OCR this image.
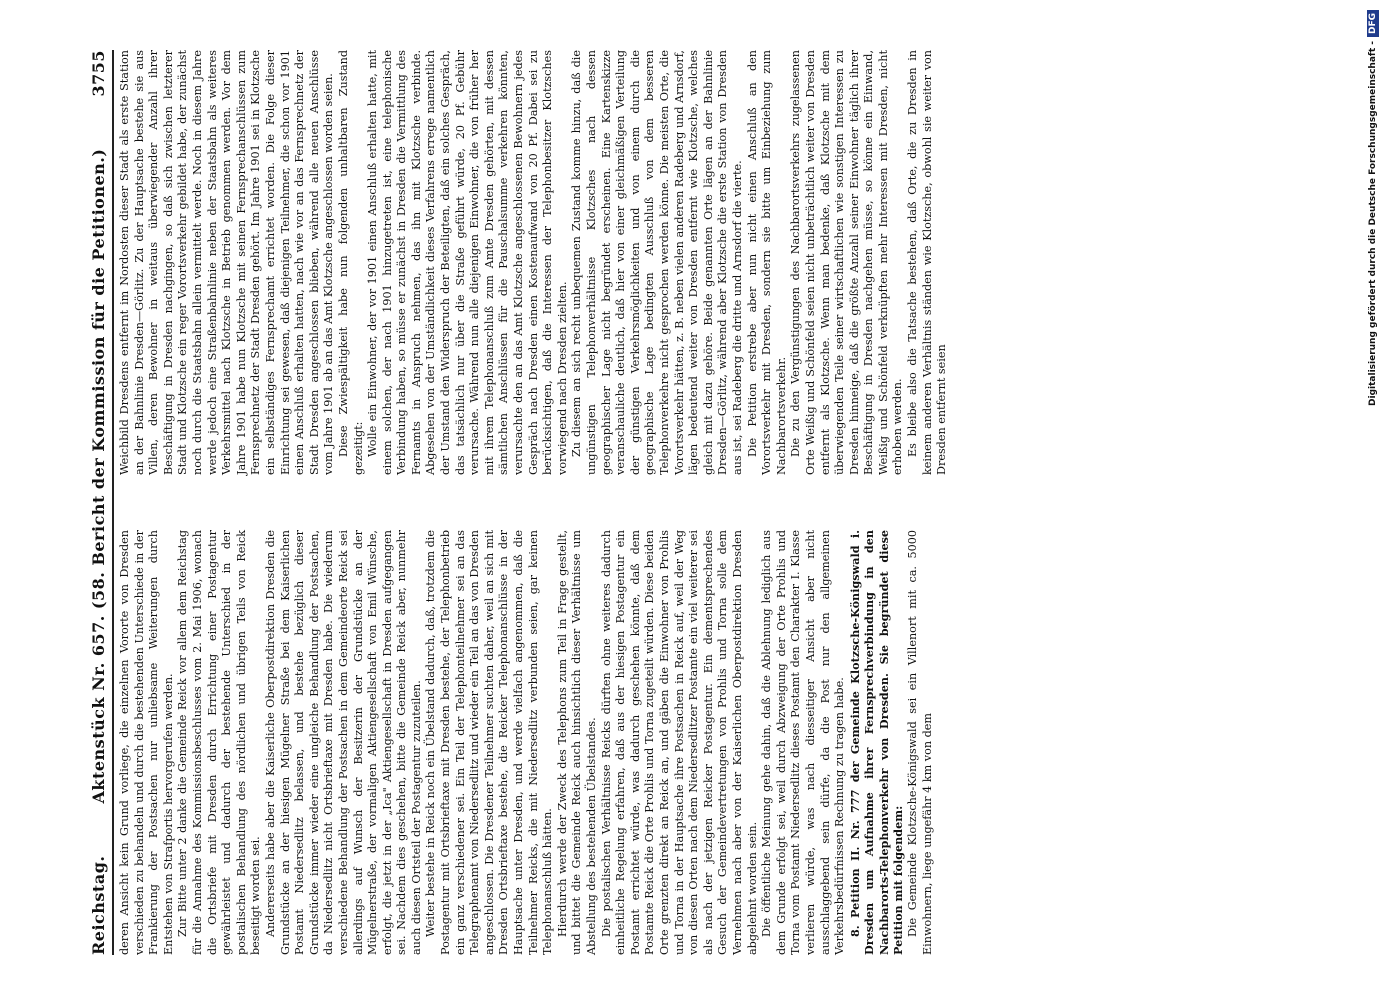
Reichstag.
Aktenstück Nr. 657. (58. Bericht der Kommission für die Petitionen.)
3755

deren Ansicht kein Grund vorliege, die einzelnen Vororte von Dresden verschieden zu behandeln und durch die bestehenden Unterschiede in der Frankierung der Postsachen nur unliebsame Weiterungen durch Entstehen von Strafportis hervorgerufen werden. Zur Bitte unter 2 danke die Gemeinde Reick vor allem dem Reichstag für die Annahme des Kommissionsbeschlusses vom 2. Mai 1906, wonach die Ortsbriefe mit Dresden durch Errichtung einer Postagentur gewährleistet und dadurch der bestehende Unterschied in der postalischen Behandlung des nördlichen und übrigen Teils von Reick beseitigt worden sei. Andererseits habe aber die Kaiserliche Oberpostdirektion Dresden die Grundstücke an der hiesigen Mügelner Straße bei dem Kaiserlichen Postamt Niedersedlitz belassen, und bestehe bezüglich dieser Grundstücke immer wieder eine ungleiche Behandlung der Postsachen, da Niedersedlitz nicht Ortsbrieftaxe mit Dresden habe. Die wiederum verschiedene Behandlung der Postsachen in dem Gemeindeorte Reick sei allerdings auf Wunsch der Besitzerin der Grundstücke an der Mügelnerstraße, der vormaligen Aktiengesellschaft von Emil Wünsche, erfolgt, die jetzt in der „Ica" Aktiengesellschaft in Dresden aufgegangen sei. Nachdem dies geschehen, bitte die Gemeinde Reick aber, nunmehr auch diesen Ortsteil der Postagentur zuzuteilen. Weiter bestehe in Reick noch ein Übelstand dadurch, daß, trotzdem die Postagentur mit Ortsbrieftaxe mit Dresden bestehe, der Telephonbetrieb ein ganz verschiedener sei. Ein Teil der Telephonteilnehmer sei an das Telegraphenamt von Niedersedlitz und wieder ein Teil an das von Dresden angeschlossen. Die Dresdener Teilnehmer suchten daher, weil an sich mit Dresden Ortsbrieftaxe bestehe, die Reicker Telephonanschlüsse in der Hauptsache unter Dresden, und werde vielfach angenommen, daß die Teilnehmer Reicks, die mit Niedersedlitz verbunden seien, gar keinen Telephonanschluß hätten. Hierdurch werde der Zweck des Telephons zum Teil in Frage gestellt, und bittet die Gemeinde Reick auch hinsichtlich dieser Verhältnisse um Abstellung des bestehenden Übelstandes. Die postalischen Verhältnisse Reicks dürften ohne weiteres dadurch einheitliche Regelung erfahren, daß aus der hiesigen Postagentur ein Postamt errichtet würde, was dadurch geschehen könnte, daß dem Postamte Reick die Orte Prohlis und Torna zugeteilt würden. Diese beiden Orte grenzten direkt an Reick an, und gäben die Einwohner von Prohlis und Torna in der Hauptsache ihre Postsachen in Reick auf, weil der Weg von diesen Orten nach dem Niedersedlitzer Postamte ein viel weiterer sei als nach der jetzigen Reicker Postagentur. Ein dementsprechendes Gesuch der Gemeindevertretungen von Prohlis und Torna solle dem Vernehmen nach aber von der Kaiserlichen Oberpostdirektion Dresden abgelehnt worden sein. Die öffentliche Meinung gehe dahin, daß die Ablehnung lediglich aus dem Grunde erfolgt sei, weil durch Abzweigung der Orte Prohlis und Torna vom Postamt Niedersedlitz dieses Postamt den Charakter I. Klasse verlieren würde, was nach diesseitiger Ansicht aber nicht ausschlaggebend sein dürfe, da die Post nur den allgemeinen Verkehrsbedürfnissen Rechnung zu tragen habe. 8. Petition II. Nr. 777 der Gemeinde Klotzsche-Königswald i. Dresden um Aufnahme ihrer Fernsprechverbindung in den Nachbarorts-Telephonverkehr von Dresden. Sie begründet diese Petition mit folgendem: Die Gemeinde Klotzsche-Königswald sei ein Villenort mit ca. 5000 Einwohnern, liege ungefähr 4 km von dem

Weichbild Dresdens entfernt im Nordosten dieser Stadt als erste Station an der Bahnlinie Dresden—Görlitz. Zu der Hauptsache bestehe sie aus Villen, deren Bewohner in weitaus überwiegender Anzahl ihrer Beschäftigung in Dresden nachgingen, so daß sich zwischen letzterer Stadt und Klotzsche ein reger Vorortsverkehr gebildet habe, der zunächst noch durch die Staatsbahn allein vermittelt werde. Noch in diesem Jahre werde jedoch eine Straßenbahnlinie neben der Staatsbahn als weiteres Verkehrsmittel nach Klotzsche in Betrieb genommen werden. Vor dem Jahre 1901 habe nun Klotzsche mit seinen Fernsprechanschlüssen zum Fernsprechnetz der Stadt Dresden gehört. Im Jahre 1901 sei in Klotzsche ein selbständiges Fernsprechamt errichtet worden. Die Folge dieser Einrichtung sei gewesen, daß diejenigen Teilnehmer, die schon vor 1901 einen Anschluß erhalten hatten, nach wie vor an das Fernsprechnetz der Stadt Dresden angeschlossen blieben, während alle neuen Anschlüsse vom Jahre 1901 ab an das Amt Klotzsche angeschlossen worden seien. Diese Zwiespältigkeit habe nun folgenden unhaltbaren Zustand gezeitigt: Wolle ein Einwohner, der vor 1901 einen Anschluß erhalten hatte, mit einem solchen, der nach 1901 hinzugetreten ist, eine telephonische Verbindung haben, so müsse er zunächst in Dresden die Vermittlung des Fernamts in Anspruch nehmen, das ihn mit Klotzsche verbinde. Abgesehen von der Umständlichkeit dieses Verfahrens errege namentlich der Umstand den Widerspruch der Beteiligten, daß ein solches Gespräch, das tatsächlich nur über die Straße geführt würde, 20 Pf. Gebühr verursache. Während nun alle diejenigen Einwohner, die von früher her mit ihrem Telephonanschluß zum Amte Dresden gehörten, mit dessen sämtlichen Anschlüssen für die Pauschalsumme verkehren könnten, verursachte den an das Amt Klotzsche angeschlossenen Bewohnern jedes Gespräch nach Dresden einen Kostenaufwand von 20 Pf. Dabei sei zu berücksichtigen, daß die Interessen der Telephonbesitzer Klotzsches vorwiegend nach Dresden zielten. Zu diesem an sich recht unbequemen Zustand komme hinzu, daß die ungünstigen Telephonverhältnisse Klotzsches nach dessen geographischer Lage nicht begründet erscheinen. Eine Kartenskizze veranschauliche deutlich, daß hier von einer gleichmäßigen Verteilung der günstigen Verkehrsmöglichkeiten und von einem durch die geographische Lage bedingten Ausschluß von dem besseren Telephonverkehre nicht gesprochen werden könne. Die meisten Orte, die Vorortsverkehr hätten, z. B. neben vielen anderen Radeberg und Arnsdorf, lägen bedeutend weiter von Dresden entfernt wie Klotzsche, welches gleich mit dazu gehöre. Beide genannten Orte lägen an der Bahnlinie Dresden—Görlitz, während aber Klotzsche die erste Station von Dresden aus ist, sei Radeberg die dritte und Arnsdorf die vierte. Die Petition erstrebe aber nun nicht einen Anschluß an den Vorortsverkehr mit Dresden, sondern sie bitte um Einbeziehung zum Nachbarortsverkehr. Die zu den Vergünstigungen des Nachbarortsverkehrs zugelassenen Orte Weißig und Schönfeld seien nicht unbeträchtlich weiter von Dresden entfernt als Klotzsche. Wenn man bedenke, daß Klotzsche mit dem überwiegenden Teile seiner wirtschaftlichen wie sonstigen Interessen zu Dresden hinneige, daß die größte Anzahl seiner Einwohner täglich ihrer Beschäftigung in Dresden nachgehen müsse, so könne ein Einwand, Weißig und Schönfeld verknüpften mehr Interessen mit Dresden, nicht erhoben werden. Es bleibe also die Tatsache bestehen, daß Orte, die zu Dresden in keinem anderen Verhältnis ständen wie Klotzsche, obwohl sie weiter von Dresden entfernt seien

Digitalisierung gefördert durch die Deutsche Forschungsgemeinschaft -
DFG
